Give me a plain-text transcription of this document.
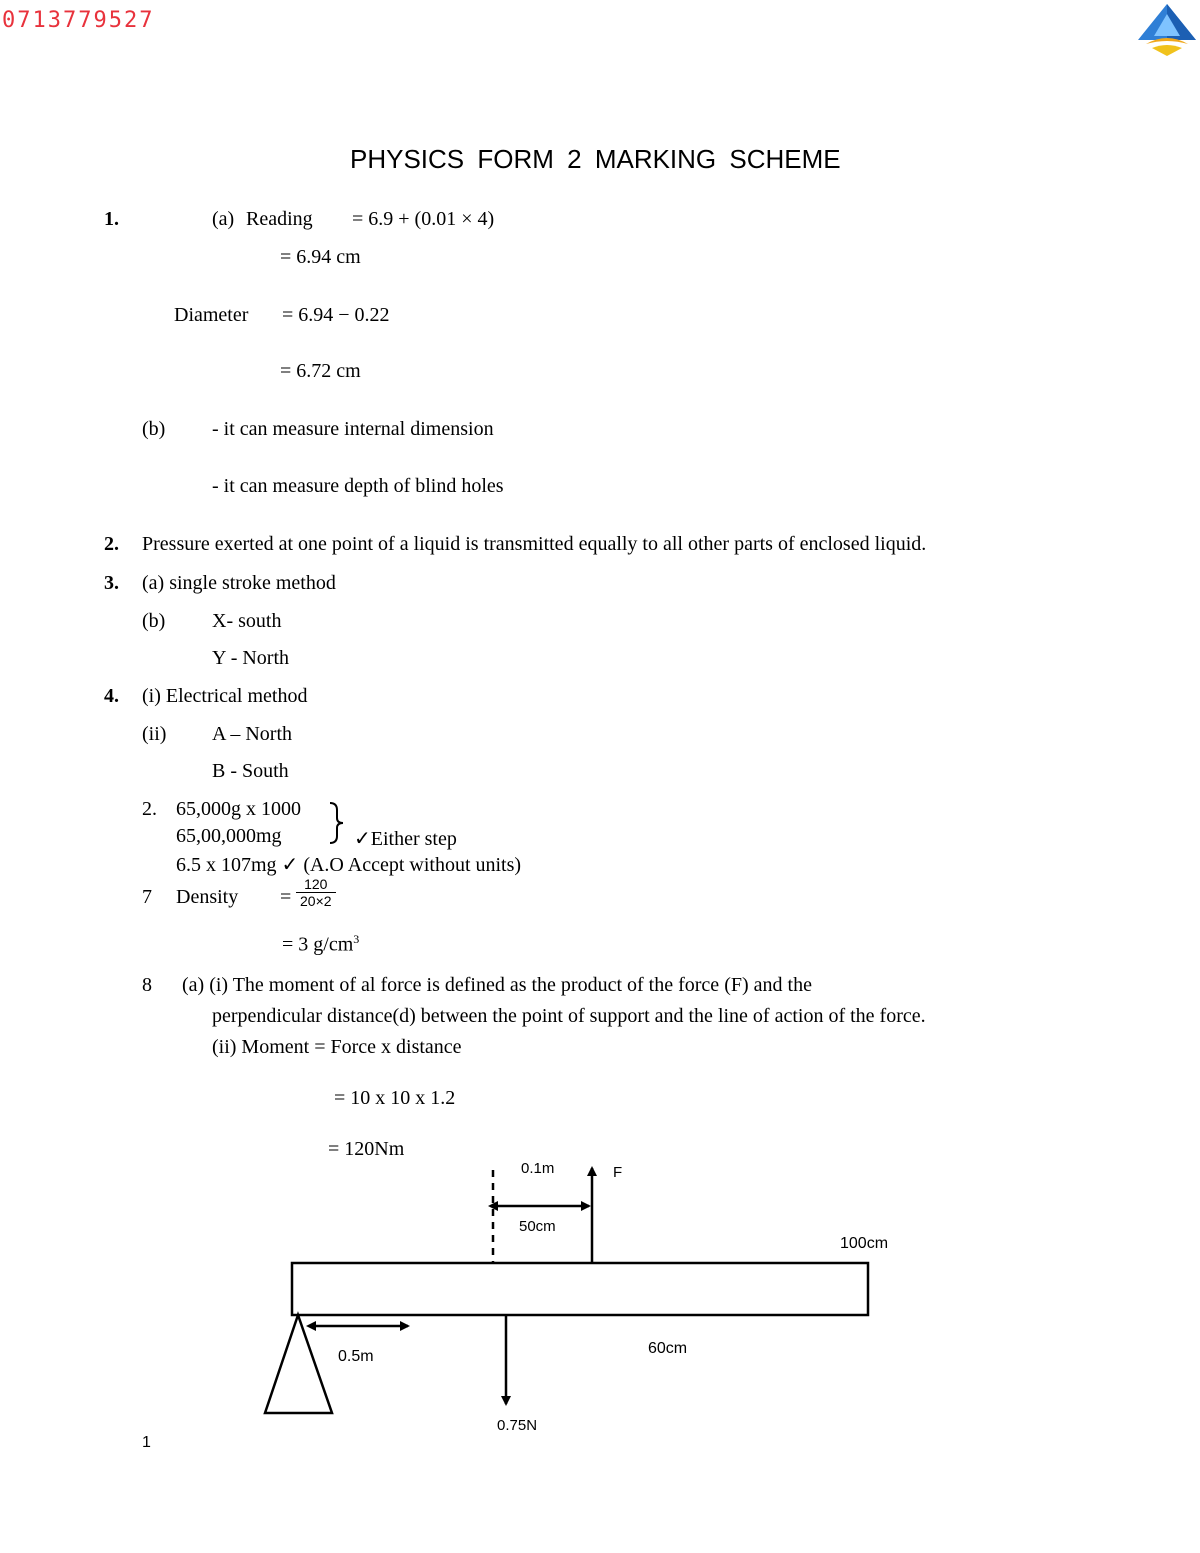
0713779527
PHYSICS FORM 2 MARKING SCHEME
1.	(a) Reading = 6.9 + (0.01 × 4)
= 6.94 cm
Diameter = 6.94 − 0.22
= 6.72 cm
(b) - it can measure internal dimension
- it can measure depth of blind holes
2. Pressure exerted at one point of a liquid is transmitted equally to all other parts of enclosed liquid.
3. (a) single stroke method
(b) X- south
Y - North
4. (i) Electrical method
(ii) A – North
B - South
2. 65,000g x 1000
65,00,000mg	✓Either step
6.5 x 107mg ✓ (A.O Accept without units)
7 Density = $\frac{120}{20\times 2}$
= 3 $g/cm^3$
8 (a) (i) The moment of al force is defined as the product of the force (F) and the
perpendicular distance(d) between the point of support and the line of action of the force.
(ii) Moment = Force x distance
= 10 x 10 x 1.2
= 120Nm
0.1m	F
50cm
100cm
0.5m	60cm
0.75N
1
